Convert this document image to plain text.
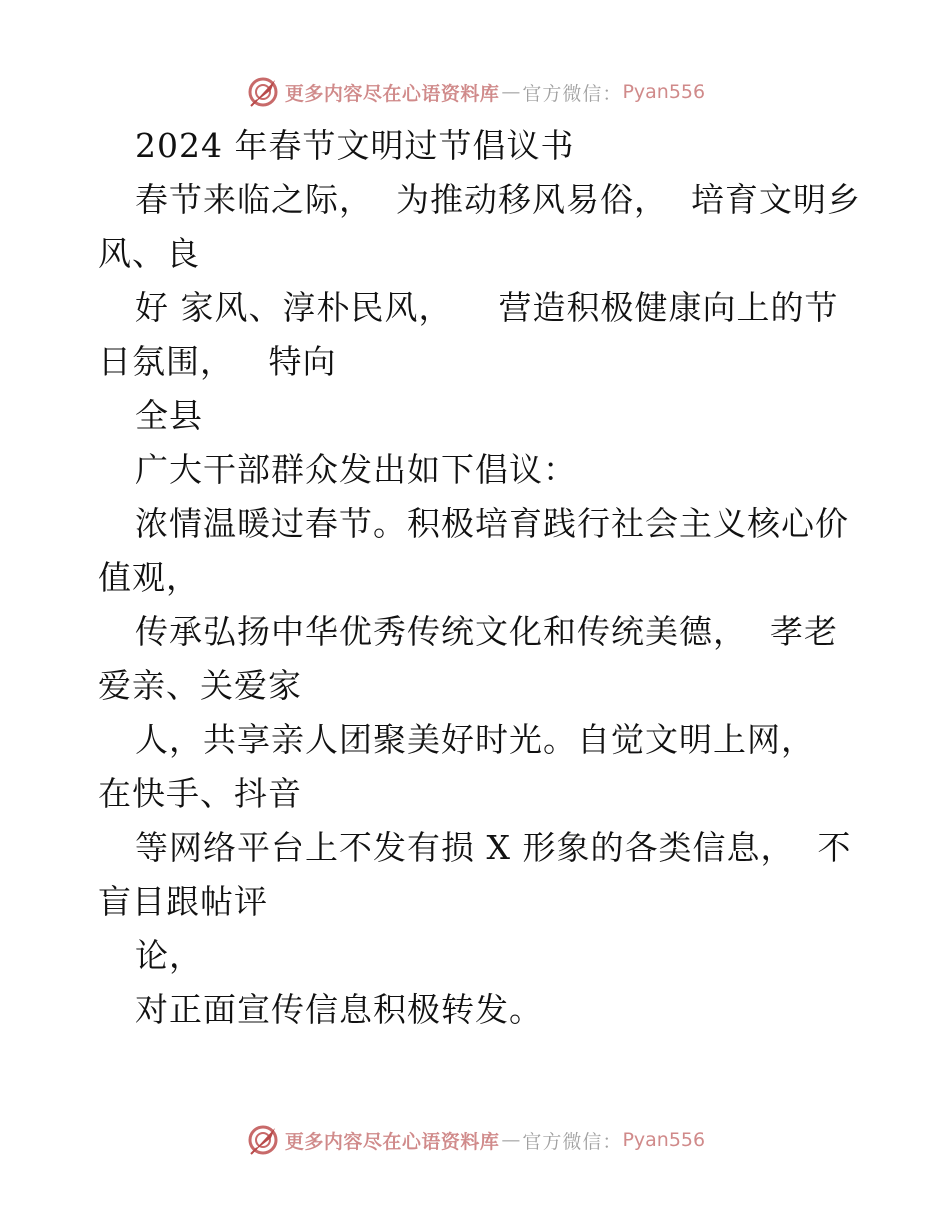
更多内容尽在心语资料库 — 官方微信： Pyan556
2024 年春节文明过节倡议书
春节来临之际，  为推动移风易俗，  培育文明乡
风、良
好 家风、淳朴民风，    营造积极健康向上的节
日氛围，   特向
全县
广大干部群众发出如下倡议：
浓情温暖过春节。积极培育践行社会主义核心价
值观，
传承弘扬中华优秀传统文化和传统美德，  孝老
爱亲、关爱家
人，共享亲人团聚美好时光。自觉文明上网，
在快手、抖音
等网络平台上不发有损 X 形象的各类信息，  不
盲目跟帖评
论，
对正面宣传信息积极转发。
更多内容尽在心语资料库 — 官方微信： Pyan556
